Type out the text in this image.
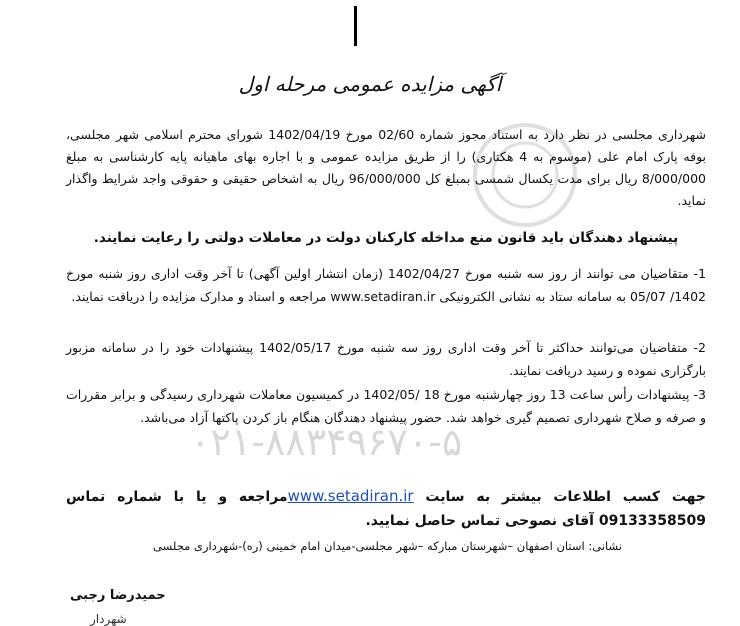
۰۲۱-۸۸۳۴۹۶۷۰-۵
آگهی مزایده عمومی مرحله اول
شهرداری مجلسی در نظر دارد به استناد مجوز شماره 02/60 مورخ 1402/04/19 شورای محترم اسلامی شهر مجلسی، بوفه پارک امام علی (موسوم به 4 هکتاری) را از طریق مزایده عمومی و با اجاره بهای ماهیانه پایه کارشناسی به مبلغ 8/000/000 ریال برای مدت یکسال شمسی بمبلغ کل 96/000/000 ریال به اشخاص حقیقی و حقوقی واجد شرایط واگذار نماید.
پیشنهاد دهندگان باید قانون منع مداخله کارکنان دولت در معاملات دولتی را رعایت نمایند.
1- متقاضیان می توانند از روز سه شنبه مورخ 1402/04/27 (زمان انتشار اولین آگهی) تا آخر وقت اداری روز شنبه مورخ 1402/ 05/07 به سامانه ستاد به نشانی الکترونیکی www.setadiran.ir مراجعه و اسناد و مدارک مزایده را دریافت نمایند.
2- متقاضیان می‌توانند حداکثر تا آخر وقت اداری روز سه شنبه مورخ 1402/05/17 پیشنهادات خود را در سامانه مزبور بارگزاری نموده و رسید دریافت نمایند.
3- پیشنهادات رأس ساعت 13 روز چهارشنبه مورخ 18 /1402/05 در کمیسیون معاملات شهرداری رسیدگی و برابر مقررات و صرفه و صلاح شهرداری تصمیم گیری خواهد شد. حضور پیشنهاد دهندگان هنگام باز کردن پاکتها آزاد می‌باشد.
جهت کسب اطلاعات بیشتر به سایت www.setadiran.irمراجعه و یا با شماره تماس 09133358509 آقای نصوحی تماس حاصل نمایید.
نشانی: استان اصفهان –شهرستان مبارکه –شهر مجلسی-میدان امام خمینی (ره)-شهرداری مجلسی
حمیدرضا رجبی
شهردار
